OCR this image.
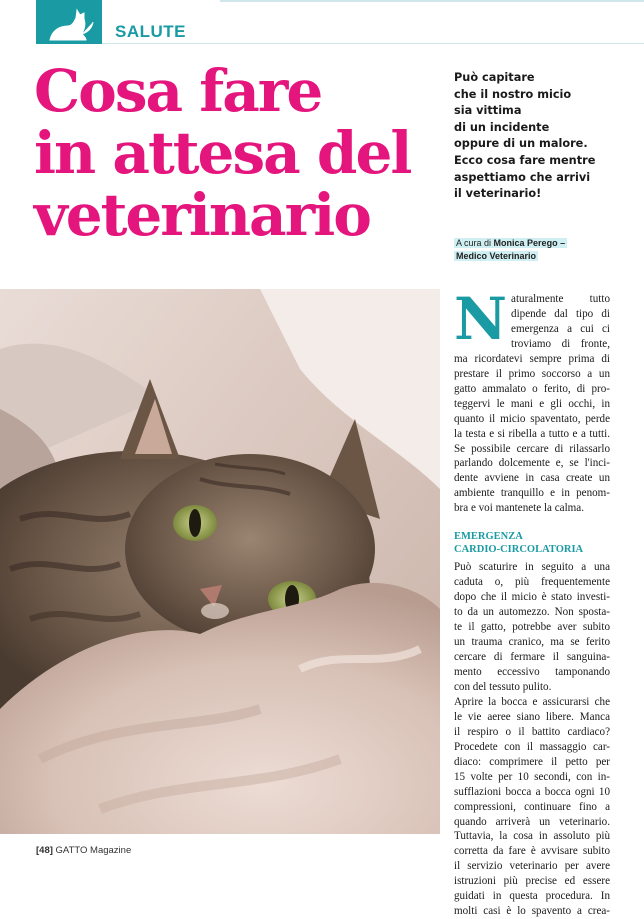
SALUTE
Cosa fare
in attesa del
veterinario
Può capitare
che il nostro micio
sia vittima
di un incidente
oppure di un malore.
Ecco cosa fare mentre
aspettiamo che arrivi
il veterinario!
A cura di Monica Perego –
Medico Veterinario

N aturalmente tutto
dipende dal tipo di
emergenza a cui ci
troviamo di fronte,
ma ricordatevi sempre prima di
prestare il primo soccorso a un
gatto ammalato o ferito, di pro-
teggervi le mani e gli occhi, in
quanto il micio spaventato, perde
la testa e si ribella a tutto e a tutti.
Se possibile cercare di rilassarlo
parlando dolcemente e, se l'inci-
dente avviene in casa create un
ambiente tranquillo e in penom-
bra e voi mantenete la calma.

EMERGENZA
CARDIO-CIRCOLATORIA

Può scaturire in seguito a una
caduta o, più frequentemente
dopo che il micio è stato investi-
to da un automezzo. Non sposta-
te il gatto, potrebbe aver subito
un trauma cranico, ma se ferito
cercare di fermare il sanguina-
mento eccessivo tamponando
con del tessuto pulito.

Aprire la bocca e assicurarsi che
le vie aeree siano libere. Manca
il respiro o il battito cardiaco?
Procedete con il massaggio car-
diaco: comprimere il petto per
15 volte per 10 secondi, con in-
sufflazioni bocca a bocca ogni 10
compressioni, continuare fino a
quando arriverà un veterinario.
Tuttavia, la cosa in assoluto più
corretta da fare è avvisare subito
il servizio veterinario per avere
istruzioni più precise ed essere
guidati in questa procedura. In
molti casi è lo spavento a crea-

[48] GATTO Magazine
